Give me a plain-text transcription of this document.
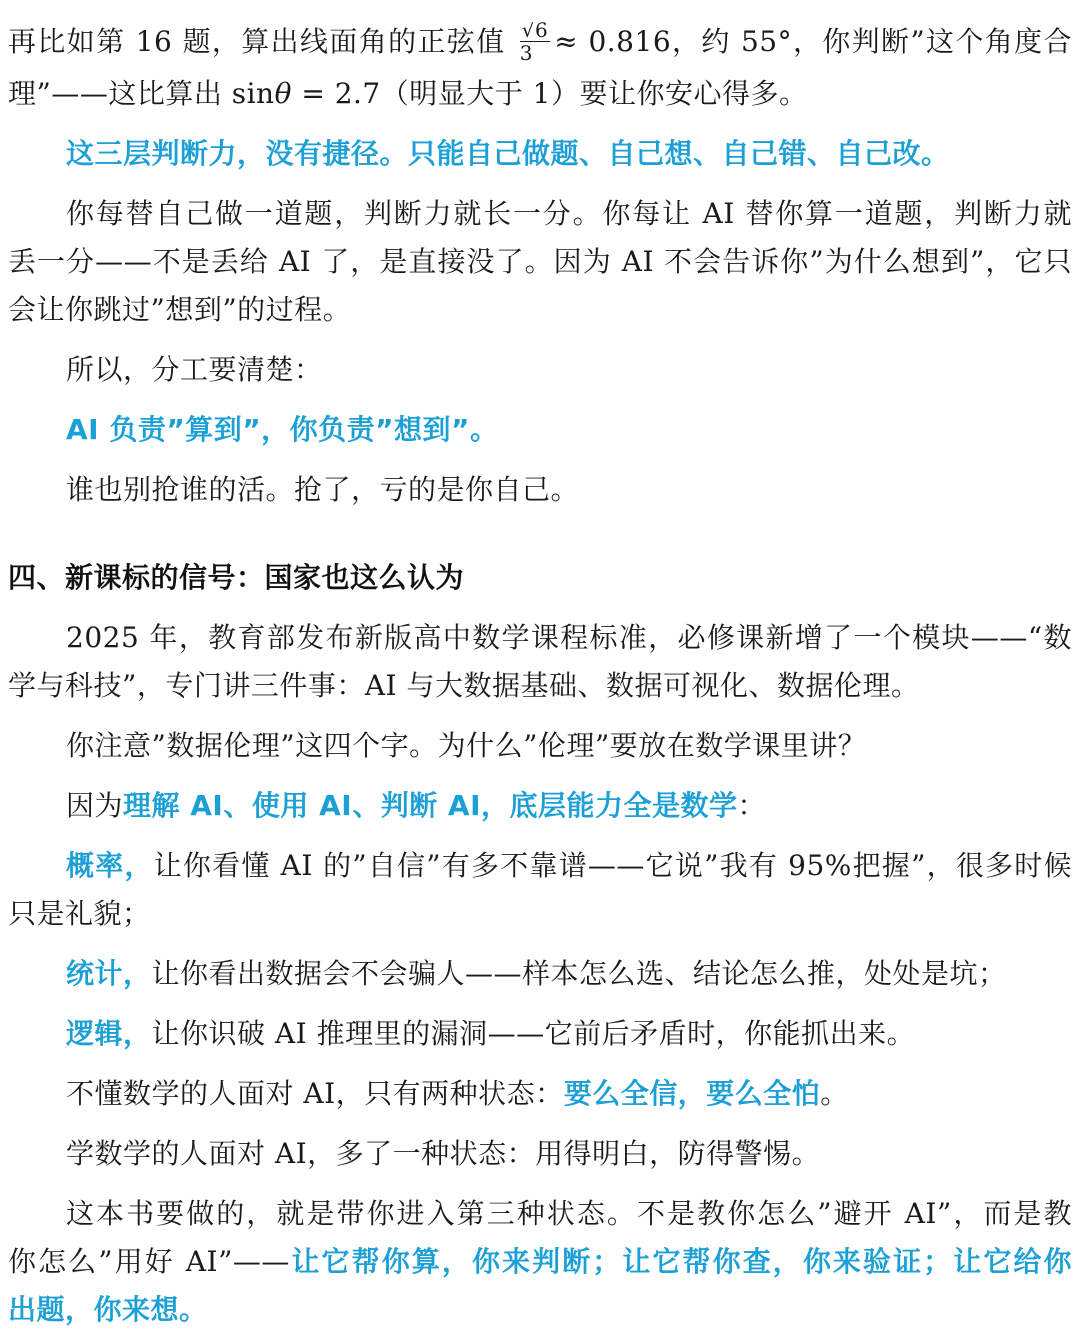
再比如第 16 题，算出线面角的正弦值 $\frac{√6}{3} \approx 0.816$，约 55°，你判断”这个角度合
理”——这比算出 sinθ = 2.7（明显大于 1）要让你安心得多。
这三层判断力，没有捷径。只能自己做题、自己想、自己错、自己改。
你每替自己做一道题，判断力就长一分。你每让 AI 替你算一道题，判断力就
丢一分——不是丢给 AI 了，是直接没了。因为 AI 不会告诉你”为什么想到”，它只
会让你跳过”想到”的过程。
所以，分工要清楚：
AI 负责”算到”，你负责”想到”。
谁也别抢谁的活。抢了，亏的是你自己。
四、新课标的信号：国家也这么认为
2025 年，教育部发布新版高中数学课程标准，必修课新增了一个模块——“数
学与科技”，专门讲三件事：AI 与大数据基础、数据可视化、数据伦理。
你注意”数据伦理”这四个字。为什么”伦理”要放在数学课里讲？
因为理解 AI、使用 AI、判断 AI，底层能力全是数学：
概率，让你看懂 AI 的”自信”有多不靠谱——它说”我有 95%把握”，很多时候
只是礼貌；
统计，让你看出数据会不会骗人——样本怎么选、结论怎么推，处处是坑；
逻辑，让你识破 AI 推理里的漏洞——它前后矛盾时，你能抓出来。
不懂数学的人面对 AI，只有两种状态：要么全信，要么全怕。
学数学的人面对 AI，多了一种状态：用得明白，防得警惕。
这本书要做的，就是带你进入第三种状态。不是教你怎么”避开 AI”，而是教
你怎么”用好 AI”——让它帮你算，你来判断；让它帮你查，你来验证；让它给你
出题，你来想。
